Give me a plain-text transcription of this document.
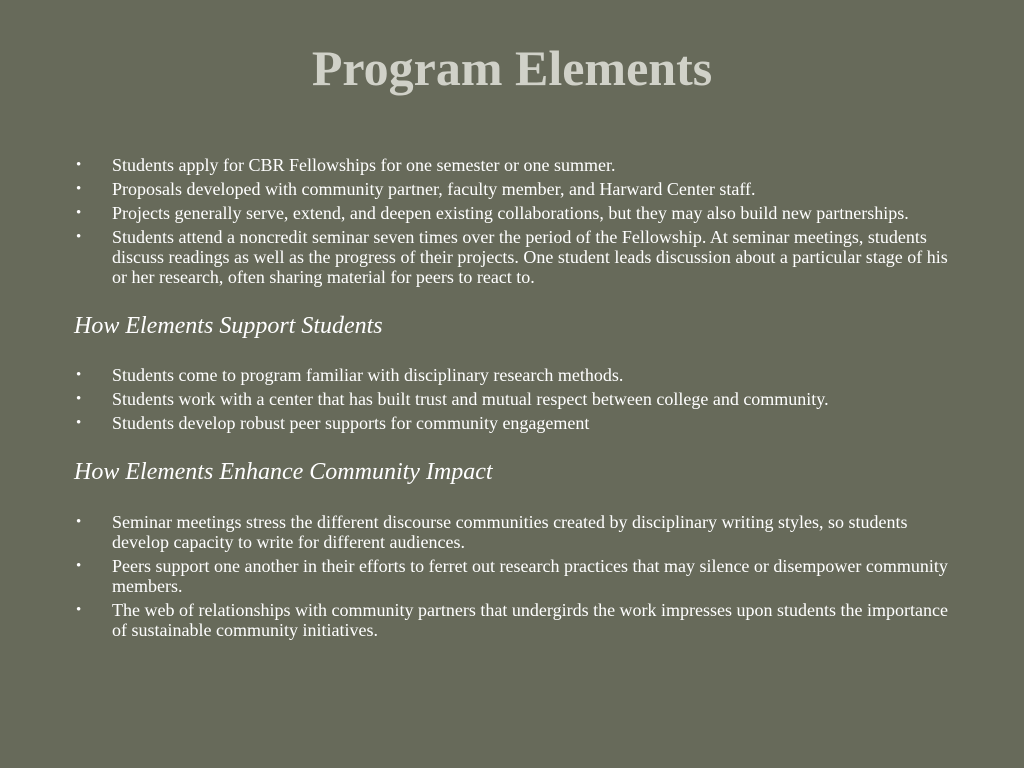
Program Elements
• Students apply for CBR Fellowships for one semester or one summer.
• Proposals developed with community partner, faculty member, and Harward Center staff.
• Projects generally serve, extend, and deepen existing collaborations, but they may also build new partnerships.
• Students attend a noncredit seminar seven times over the period of the Fellowship. At seminar meetings, students discuss readings as well as the progress of their projects. One student leads discussion about a particular stage of his or her research, often sharing material for peers to react to.
How Elements Support Students
• Students come to program familiar with disciplinary research methods.
• Students work with a center that has built trust and mutual respect between college and community.
• Students develop robust peer supports for community engagement
How Elements Enhance Community Impact
• Seminar meetings stress the different discourse communities created by disciplinary writing styles, so students develop capacity to write for different audiences.
• Peers support one another in their efforts to ferret out research practices that may silence or disempower community members.
• The web of relationships with community partners that undergirds the work impresses upon students the importance of sustainable community initiatives.
